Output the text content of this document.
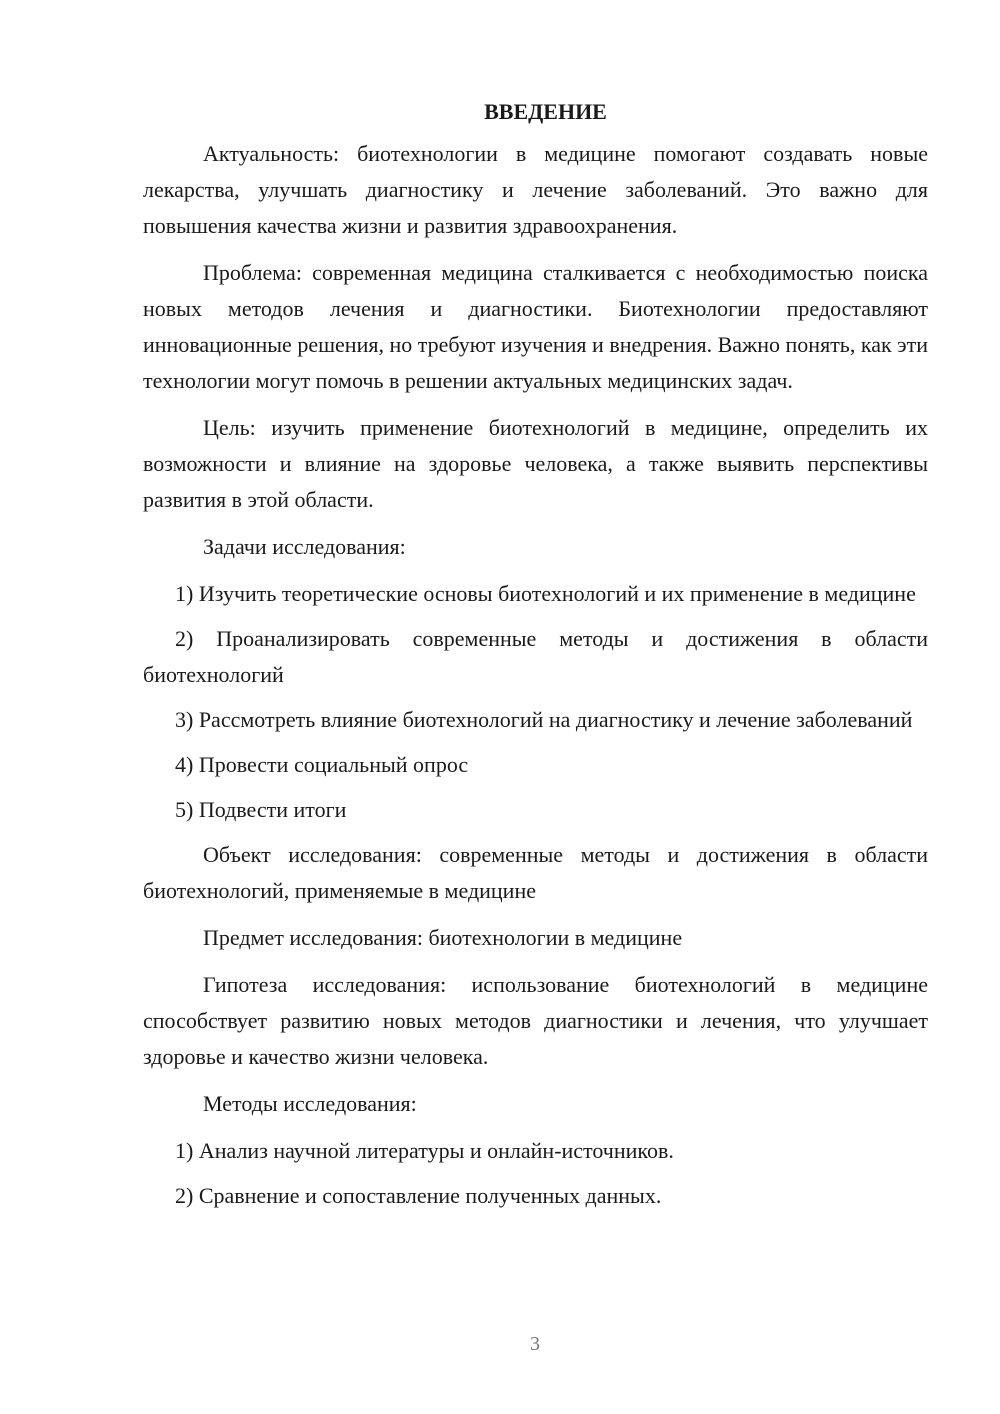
ВВЕДЕНИЕ

Актуальность: биотехнологии в медицине помогают создавать новые лекарства, улучшать диагностику и лечение заболеваний. Это важно для повышения качества жизни и развития здравоохранения.

Проблема: современная медицина сталкивается с необходимостью поиска новых методов лечения и диагностики. Биотехнологии предоставляют инновационные решения, но требуют изучения и внедрения. Важно понять, как эти технологии могут помочь в решении актуальных медицинских задач.

Цель: изучить применение биотехнологий в медицине, определить их возможности и влияние на здоровье человека, а также выявить перспективы развития в этой области.

Задачи исследования:

1) Изучить теоретические основы биотехнологий и их применение в медицине

2) Проанализировать современные методы и достижения в области биотехнологий

3) Рассмотреть влияние биотехнологий на диагностику и лечение заболеваний

4) Провести социальный опрос

5) Подвести итоги

Объект исследования: современные методы и достижения в области биотехнологий, применяемые в медицине

Предмет исследования: биотехнологии в медицине

Гипотеза исследования: использование биотехнологий в медицине способствует развитию новых методов диагностики и лечения, что улучшает здоровье и качество жизни человека.

Методы исследования:

1) Анализ научной литературы и онлайн-источников.

2) Сравнение и сопоставление полученных данных.

3
